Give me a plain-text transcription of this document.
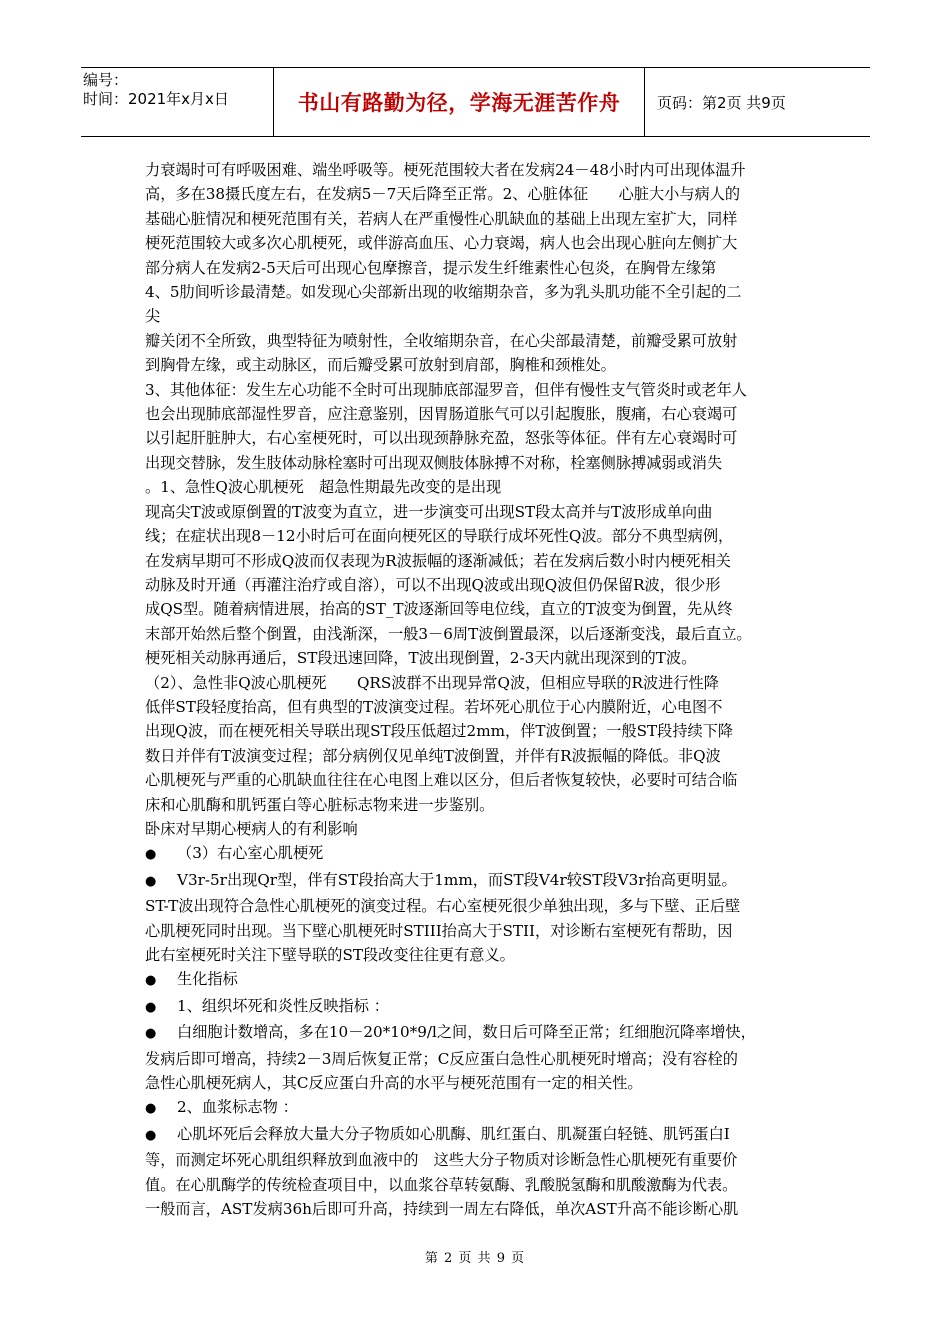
编号：
时间：2021年x月x日	书山有路勤为径，学海无涯苦作舟	页码：第2页 共9页

力衰竭时可有呼吸困难、端坐呼吸等。梗死范围较大者在发病24－48小时内可出现体温升

高，多在38摄氏度左右，在发病5－7天后降至正常。2、心脏体征　　心脏大小与病人的

基础心脏情况和梗死范围有关，若病人在严重慢性心肌缺血的基础上出现左室扩大，同样

梗死范围较大或多次心肌梗死，或伴游高血压、心力衰竭，病人也会出现心脏向左侧扩大

部分病人在发病2-5天后可出现心包摩擦音，提示发生纤维素性心包炎，在胸骨左缘第

4、5肋间听诊最清楚。如发现心尖部新出现的收缩期杂音，多为乳头肌功能不全引起的二

尖

瓣关闭不全所致，典型特征为喷射性，全收缩期杂音，在心尖部最清楚，前瓣受累可放射

到胸骨左缘，或主动脉区，而后瓣受累可放射到肩部，胸椎和颈椎处。

3、其他体征：发生左心功能不全时可出现肺底部湿罗音，但伴有慢性支气管炎时或老年人

也会出现肺底部湿性罗音，应注意鉴别，因胃肠道胀气可以引起腹胀，腹痛，右心衰竭可

以引起肝脏肿大，右心室梗死时，可以出现颈静脉充盈，怒张等体征。伴有左心衰竭时可

出现交替脉，发生肢体动脉栓塞时可出现双侧肢体脉搏不对称，栓塞侧脉搏减弱或消失

。1、急性Q波心肌梗死　超急性期最先改变的是出现

现高尖T波或原倒置的T波变为直立，进一步演变可出现ST段太高并与T波形成单向曲

线；在症状出现8－12小时后可在面向梗死区的导联行成坏死性Q波。部分不典型病例，

在发病早期可不形成Q波而仅表现为R波振幅的逐渐减低；若在发病后数小时内梗死相关

动脉及时开通（再灌注治疗或自溶），可以不出现Q波或出现Q波但仍保留R波，很少形

成QS型。随着病情进展，抬高的ST_T波逐渐回等电位线，直立的T波变为倒置，先从终

末部开始然后整个倒置，由浅渐深，一般3－6周T波倒置最深，以后逐渐变浅，最后直立。

梗死相关动脉再通后，ST段迅速回降，T波出现倒置，2-3天内就出现深到的T波。

（2）、急性非Q波心肌梗死　　QRS波群不出现异常Q波，但相应导联的R波进行性降

低伴ST段轻度抬高，但有典型的T波演变过程。若坏死心肌位于心内膜附近，心电图不

出现Q波，而在梗死相关导联出现ST段压低超过2mm，伴T波倒置；一般ST段持续下降

数日并伴有T波演变过程；部分病例仅见单纯T波倒置，并伴有R波振幅的降低。非Q波

心肌梗死与严重的心肌缺血往往在心电图上难以区分，但后者恢复较快，必要时可结合临

床和心肌酶和肌钙蛋白等心脏标志物来进一步鉴别。

卧床对早期心梗病人的有利影响

● （3）右心室心肌梗死

● V3r-5r出现Qr型，伴有ST段抬高大于1mm，而ST段V4r较ST段V3r抬高更明显。

ST-T波出现符合急性心肌梗死的演变过程。右心室梗死很少单独出现，多与下壁、正后壁

心肌梗死同时出现。当下壁心肌梗死时STIII抬高大于STII，对诊断右室梗死有帮助，因

此右室梗死时关注下壁导联的ST段改变往往更有意义。

● 生化指标

● 1、组织坏死和炎性反映指标 ：

● 白细胞计数增高，多在10－20*10*9/l之间，数日后可降至正常；红细胞沉降率增快，

发病后即可增高，持续2－3周后恢复正常；C反应蛋白急性心肌梗死时增高；没有容栓的

急性心肌梗死病人，其C反应蛋白升高的水平与梗死范围有一定的相关性。

● 2、血浆标志物 ：

● 心肌坏死后会释放大量大分子物质如心肌酶、肌红蛋白、肌凝蛋白轻链、肌钙蛋白I

等，而测定坏死心肌组织释放到血液中的　这些大分子物质对诊断急性心肌梗死有重要价

值。在心肌酶学的传统检查项目中，以血浆谷草转氨酶、乳酸脱氢酶和肌酸激酶为代表。

一般而言，AST发病36h后即可升高，持续到一周左右降低，单次AST升高不能诊断心肌

第 2 页 共 9 页
